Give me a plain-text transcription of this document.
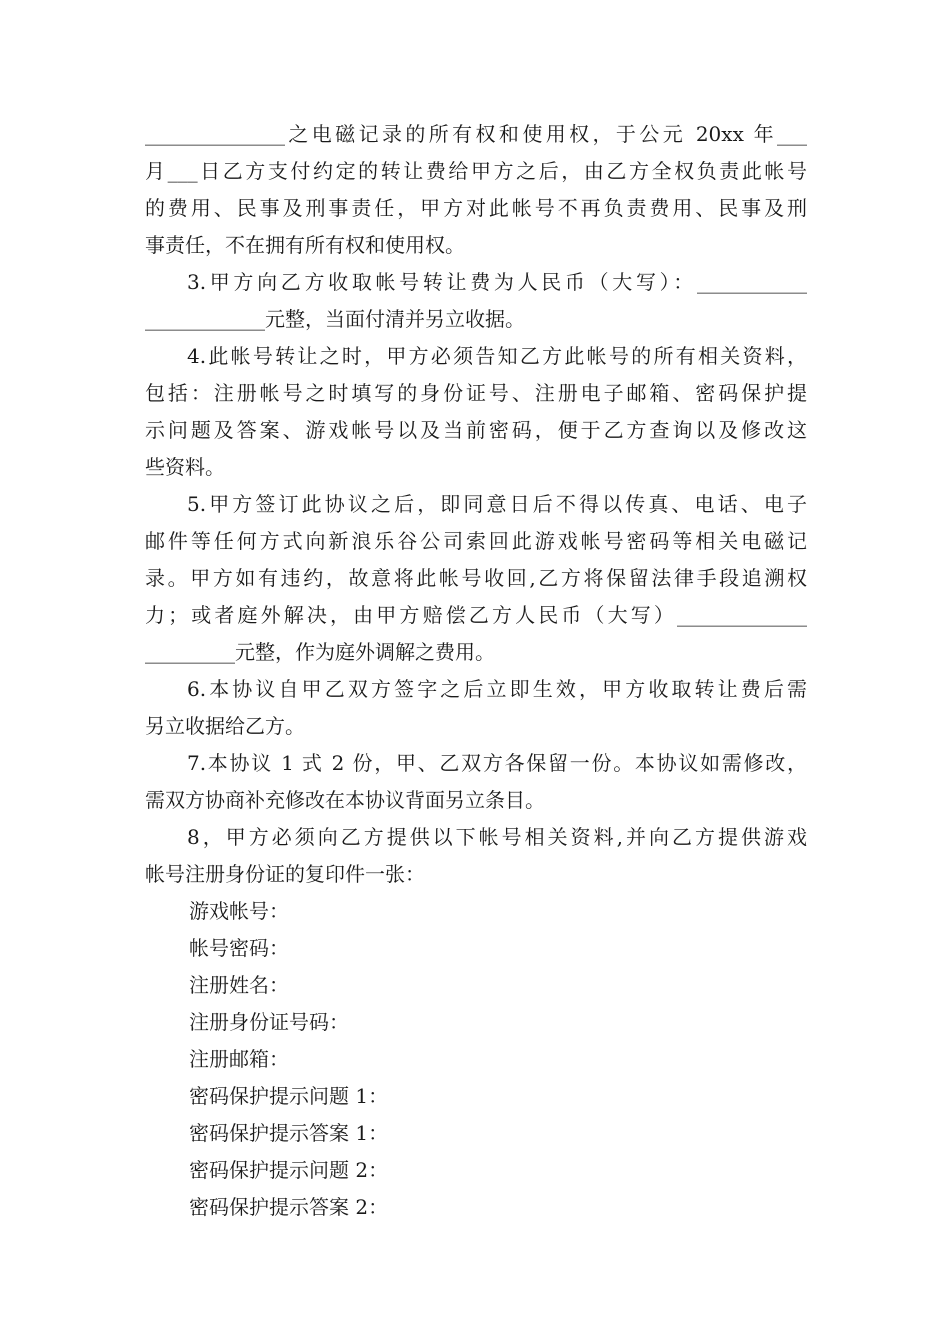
______________之电磁记录的所有权和使用权，于公元 20xx 年___
月___日乙方支付约定的转让费给甲方之后，由乙方全权负责此帐号
的费用、民事及刑事责任，甲方对此帐号不再负责费用、民事及刑
事责任，不在拥有所有权和使用权。
3.甲方向乙方收取帐号转让费为人民币（大写）：___________
____________元整，当面付清并另立收据。
4.此帐号转让之时，甲方必须告知乙方此帐号的所有相关资料，
包括：注册帐号之时填写的身份证号、注册电子邮箱、密码保护提
示问题及答案、游戏帐号以及当前密码，便于乙方查询以及修改这
些资料。
5.甲方签订此协议之后，即同意日后不得以传真、电话、电子
邮件等任何方式向新浪乐谷公司索回此游戏帐号密码等相关电磁记
录。甲方如有违约，故意将此帐号收回,乙方将保留法律手段追溯权
力；或者庭外解决，由甲方赔偿乙方人民币（大写）_____________
_________元整，作为庭外调解之费用。
6.本协议自甲乙双方签字之后立即生效，甲方收取转让费后需
另立收据给乙方。
7.本协议 1 式 2 份，甲、乙双方各保留一份。本协议如需修改，
需双方协商补充修改在本协议背面另立条目。
8，甲方必须向乙方提供以下帐号相关资料,并向乙方提供游戏
帐号注册身份证的复印件一张：
游戏帐号：
帐号密码：
注册姓名：
注册身份证号码：
注册邮箱：
密码保护提示问题 1：
密码保护提示答案 1：
密码保护提示问题 2：
密码保护提示答案 2：
